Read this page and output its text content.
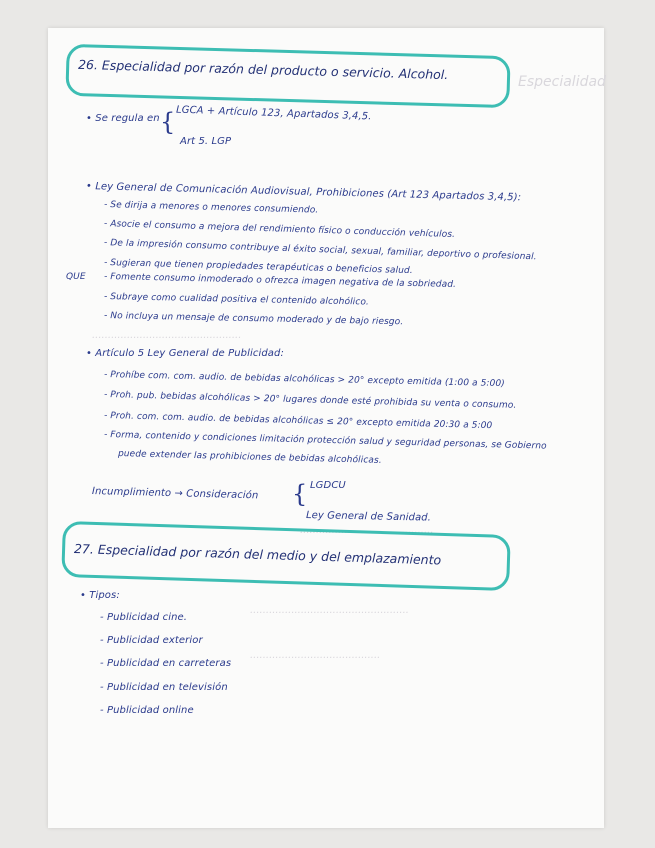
Especialidad
...............................................
..........................................
..................................................
.........................................
26. Especialidad por razón del producto o servicio. Alcohol.
• Se regula en { LGCA + Artículo 123, Apartados 3,4,5.
Art 5. LGP
• Ley General de Comunicación Audiovisual, Prohibiciones (Art 123 Apartados 3,4,5):
- Se dirija a menores o menores consumiendo.
- Asocie el consumo a mejora del rendimiento físico o conducción vehículos.
- De la impresión consumo contribuye al éxito social, sexual, familiar, deportivo o profesional.
- Sugieran que tienen propiedades terapéuticas o beneficios salud.
QUE - Fomente consumo inmoderado o ofrezca imagen negativa de la sobriedad.
- Subraye como cualidad positiva el contenido alcohólico.
- No incluya un mensaje de consumo moderado y de bajo riesgo.
• Artículo 5 Ley General de Publicidad:
- Prohíbe com. com. audio. de bebidas alcohólicas > 20° excepto emitida (1:00 a 5:00)
- Proh. pub. bebidas alcohólicas > 20° lugares donde esté prohibida su venta o consumo.
- Proh. com. com. audio. de bebidas alcohólicas ≤ 20° excepto emitida 20:30 a 5:00
- Forma, contenido y condiciones limitación protección salud y seguridad personas, se Gobierno
puede extender las prohibiciones de bebidas alcohólicas.
Incumplimiento → Consideración { LGDCU
Ley General de Sanidad.
27. Especialidad por razón del medio y del emplazamiento
• Tipos:
- Publicidad cine.
- Publicidad exterior
- Publicidad en carreteras
- Publicidad en televisión
- Publicidad online
